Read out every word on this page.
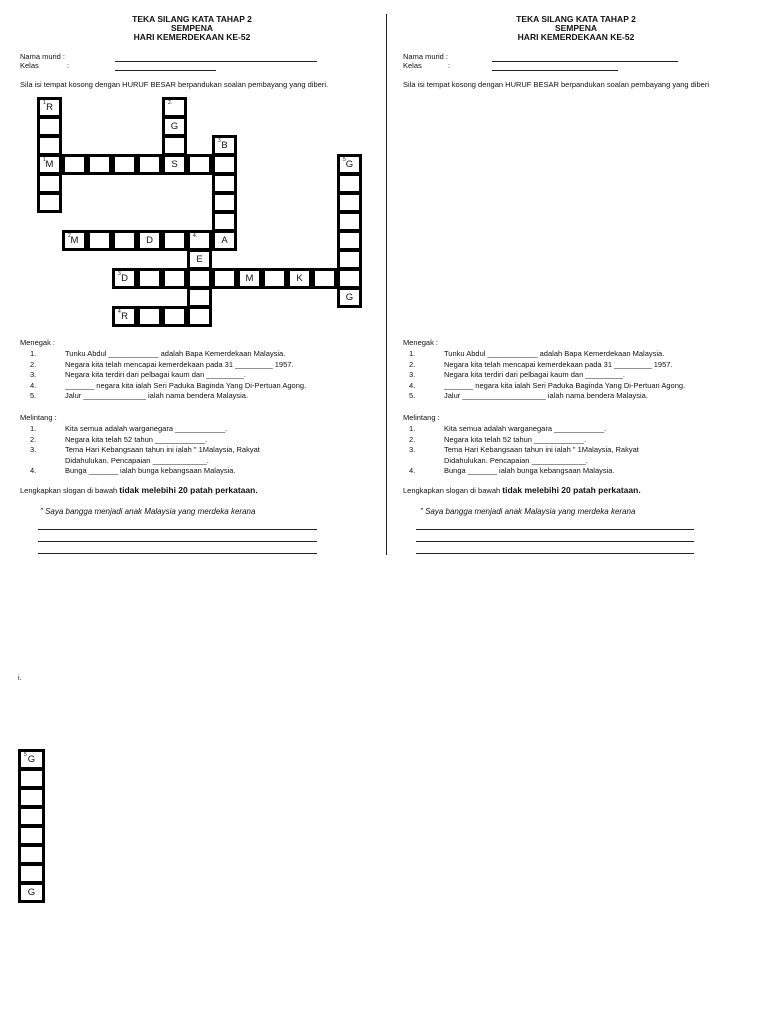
TEKA SILANG KATA TAHAP 2
SEMPENA
HARI KEMERDEKAAN KE-52
Nama murid :
Kelas	:
Sila isi tempat kosong dengan HURUF BESAR berpandukan soalan pembayang yang diberi.
1 R	2.
G
3 B
1 M	S	5 G
2 M	D	4.	A
E
3 D	M	K
G
4 R
Menegak :
Melintang :
Lengkapkan slogan di bawah tidak melebihi 20 patah perkataan.
" Saya bangga menjadi anak Malaysia yang merdeka kerana
1.	Tunku Abdul ____________ adalah Bapa Kemerdekaan Malaysia.
2.	Negara kita telah mencapai kemerdekaan pada 31 _________ 1957.
3.	Negara kita terdiri dari pelbagai kaum dan _________.
4.	_______ negara kita ialah Seri Paduka Baginda Yang Di-Pertuan Agong.
5.	Jalur _______________ ialah nama bendera Malaysia.
1.	Kita semua adalah warganegara ____________.
2.	Negara kita telah 52 tahun ____________.
3.	Tema Hari Kebangsaan tahun ini ialah " 1Malaysia, Rakyat
Didahulukan. Pencapaian _____________.
4.	Bunga _______ ialah bunga kebangsaan Malaysia.
TEKA SILANG KATA TAHAP 2
SEMPENA
HARI KEMERDEKAAN KE-52
Nama murid :
Kelas	:
Sila isi tempat kosong dengan HURUF BESAR berpandukan soalan pembayang yang diberi
Menegak :
Melintang :
Lengkapkan slogan di bawah tidak melebihi 20 patah perkataan.
" Saya bangga menjadi anak Malaysia yang merdeka kerana
1.	Tunku Abdul ____________ adalah Bapa Kemerdekaan Malaysia.
2.	Negara kita telah mencapai kemerdekaan pada 31 _________ 1957.
3.	Negara kita terdiri dari pelbagai kaum dan _________.
4.	_______ negara kita ialah Seri Paduka Baginda Yang Di-Pertuan Agong.
5.	Jalur ____________________ ialah nama bendera Malaysia.
1.	Kita semua adalah warganegara ____________.
2.	Negara kita telah 52 tahun ____________.
3.	Tema Hari Kebangsaan tahun ini ialah " 1Malaysia, Rakyat
Didahulukan. Pencapaian _____________.
4.	Bunga _______ ialah bunga kebangsaan Malaysia.
i.
5 G
G
